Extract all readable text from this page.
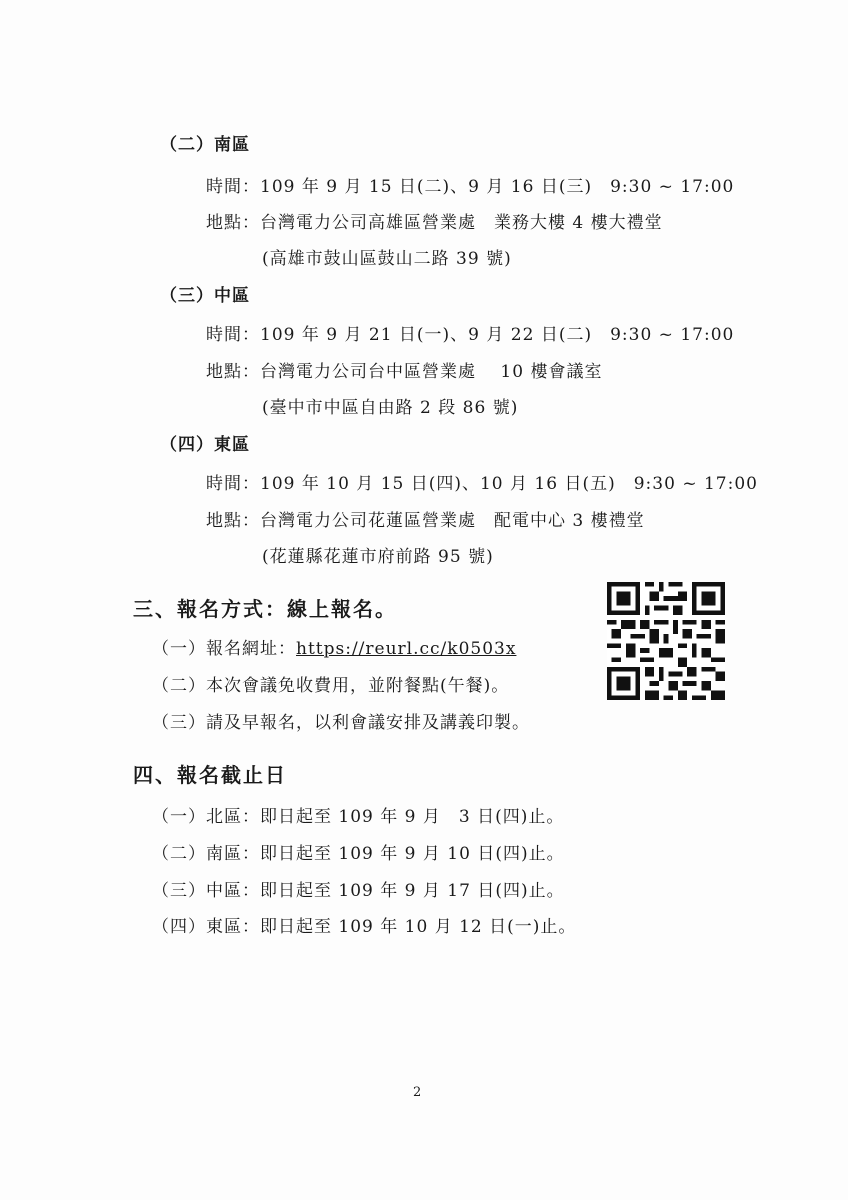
（二）南區
時間：109 年 9 月 15 日(二)、9 月 16 日(三)　9:30 ~ 17:00
地點：台灣電力公司高雄區營業處　業務大樓 4 樓大禮堂
(高雄市鼓山區鼓山二路 39 號)
（三）中區
時間：109 年 9 月 21 日(一)、9 月 22 日(二)　9:30 ~ 17:00
地點：台灣電力公司台中區營業處　 10 樓會議室
(臺中市中區自由路 2 段 86 號)
（四）東區
時間：109 年 10 月 15 日(四)、10 月 16 日(五)　9:30 ~ 17:00
地點：台灣電力公司花蓮區營業處　配電中心 3 樓禮堂
(花蓮縣花蓮市府前路 95 號)
三、報名方式：線上報名。
（一）報名網址：https://reurl.cc/k0503x
（二）本次會議免收費用，並附餐點(午餐)。
（三）請及早報名，以利會議安排及講義印製。
四、報名截止日
（一）北區：即日起至 109 年 9 月　3 日(四)止。
（二）南區：即日起至 109 年 9 月 10 日(四)止。
（三）中區：即日起至 109 年 9 月 17 日(四)止。
（四）東區：即日起至 109 年 10 月 12 日(一)止。
2
